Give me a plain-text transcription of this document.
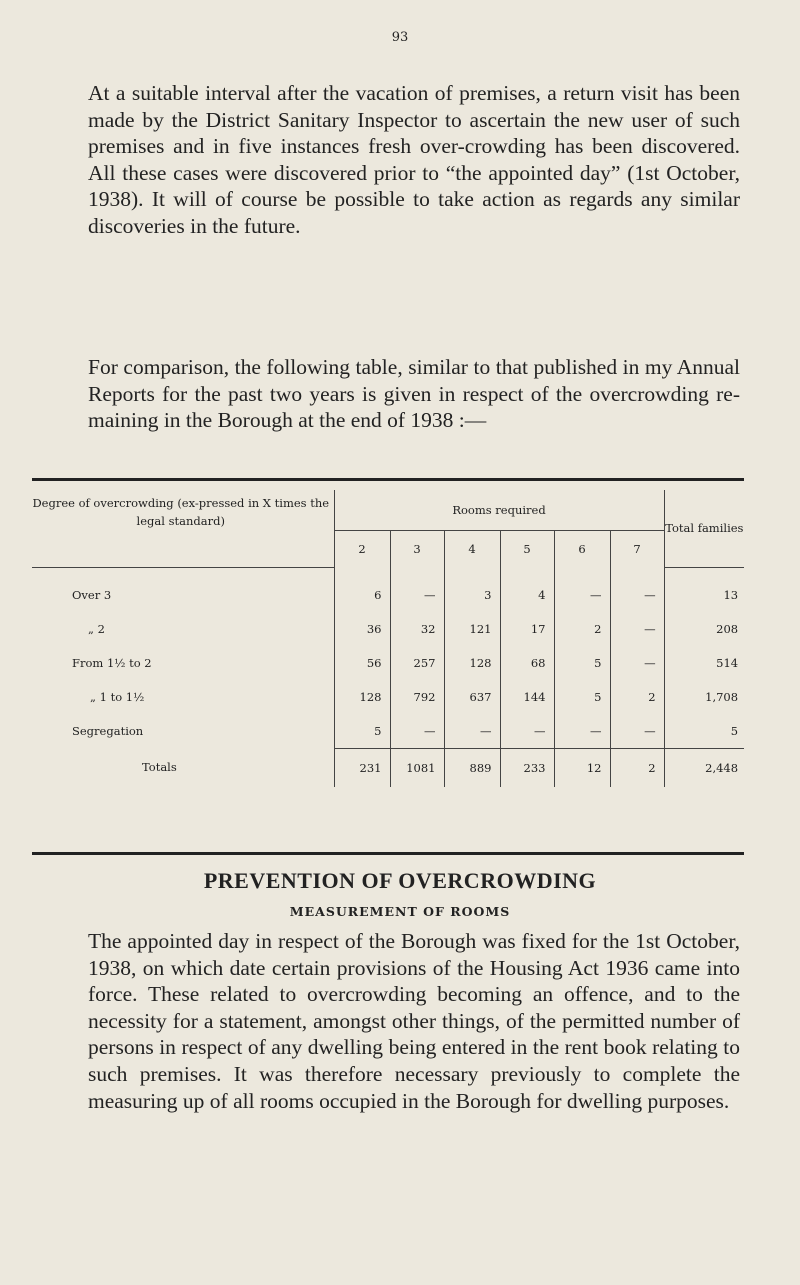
93

At a suitable interval after the vacation of premises, a return visit has been made by the District Sanitary Inspector to ascertain the new user of such premises and in five instances fresh over-crowding has been discovered. All these cases were discovered prior to “the appointed day” (1st October, 1938). It will of course be possible to take action as regards any similar discoveries in the future.

For comparison, the following table, similar to that published in my Annual Reports for the past two years is given in respect of the overcrowding re-maining in the Borough at the end of 1938 :—

Degree of overcrowding (ex-pressed in X times the legal standard)	Rooms required						Total families
	2	3	4	5	6	7	

Over 3	6	—	3	4	—	—	13
„ 2	36	32	121	17	2	—	208
From 1½ to 2	56	257	128	68	5	—	514
„ 1 to 1½	128	792	637	144	5	2	1,708
Segregation	5	—	—	—	—	—	5
Totals	231	1081	889	233	12	2	2,448
PREVENTION OF OVERCROWDING
MEASUREMENT OF ROOMS

The appointed day in respect of the Borough was fixed for the 1st October, 1938, on which date certain provisions of the Housing Act 1936 came into force. These related to overcrowding becoming an offence, and to the necessity for a statement, amongst other things, of the permitted number of persons in respect of any dwelling being entered in the rent book relating to such premises. It was therefore necessary previously to complete the measuring up of all rooms occupied in the Borough for dwelling purposes.
